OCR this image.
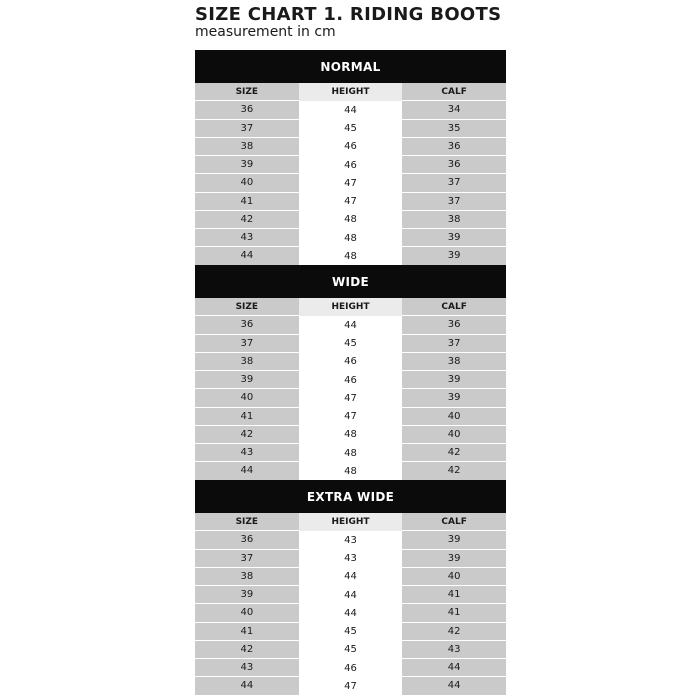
SIZE CHART 1. RIDING BOOTS
measurement in cm
NORMAL
SIZE	HEIGHT	CALF
36	44	34
37	45	35
38	46	36
39	46	36
40	47	37
41	47	37
42	48	38
43	48	39
44	48	39
WIDE
SIZE	HEIGHT	CALF
36	44	36
37	45	37
38	46	38
39	46	39
40	47	39
41	47	40
42	48	40
43	48	42
44	48	42
EXTRA WIDE
SIZE	HEIGHT	CALF
36	43	39
37	43	39
38	44	40
39	44	41
40	44	41
41	45	42
42	45	43
43	46	44
44	47	44
